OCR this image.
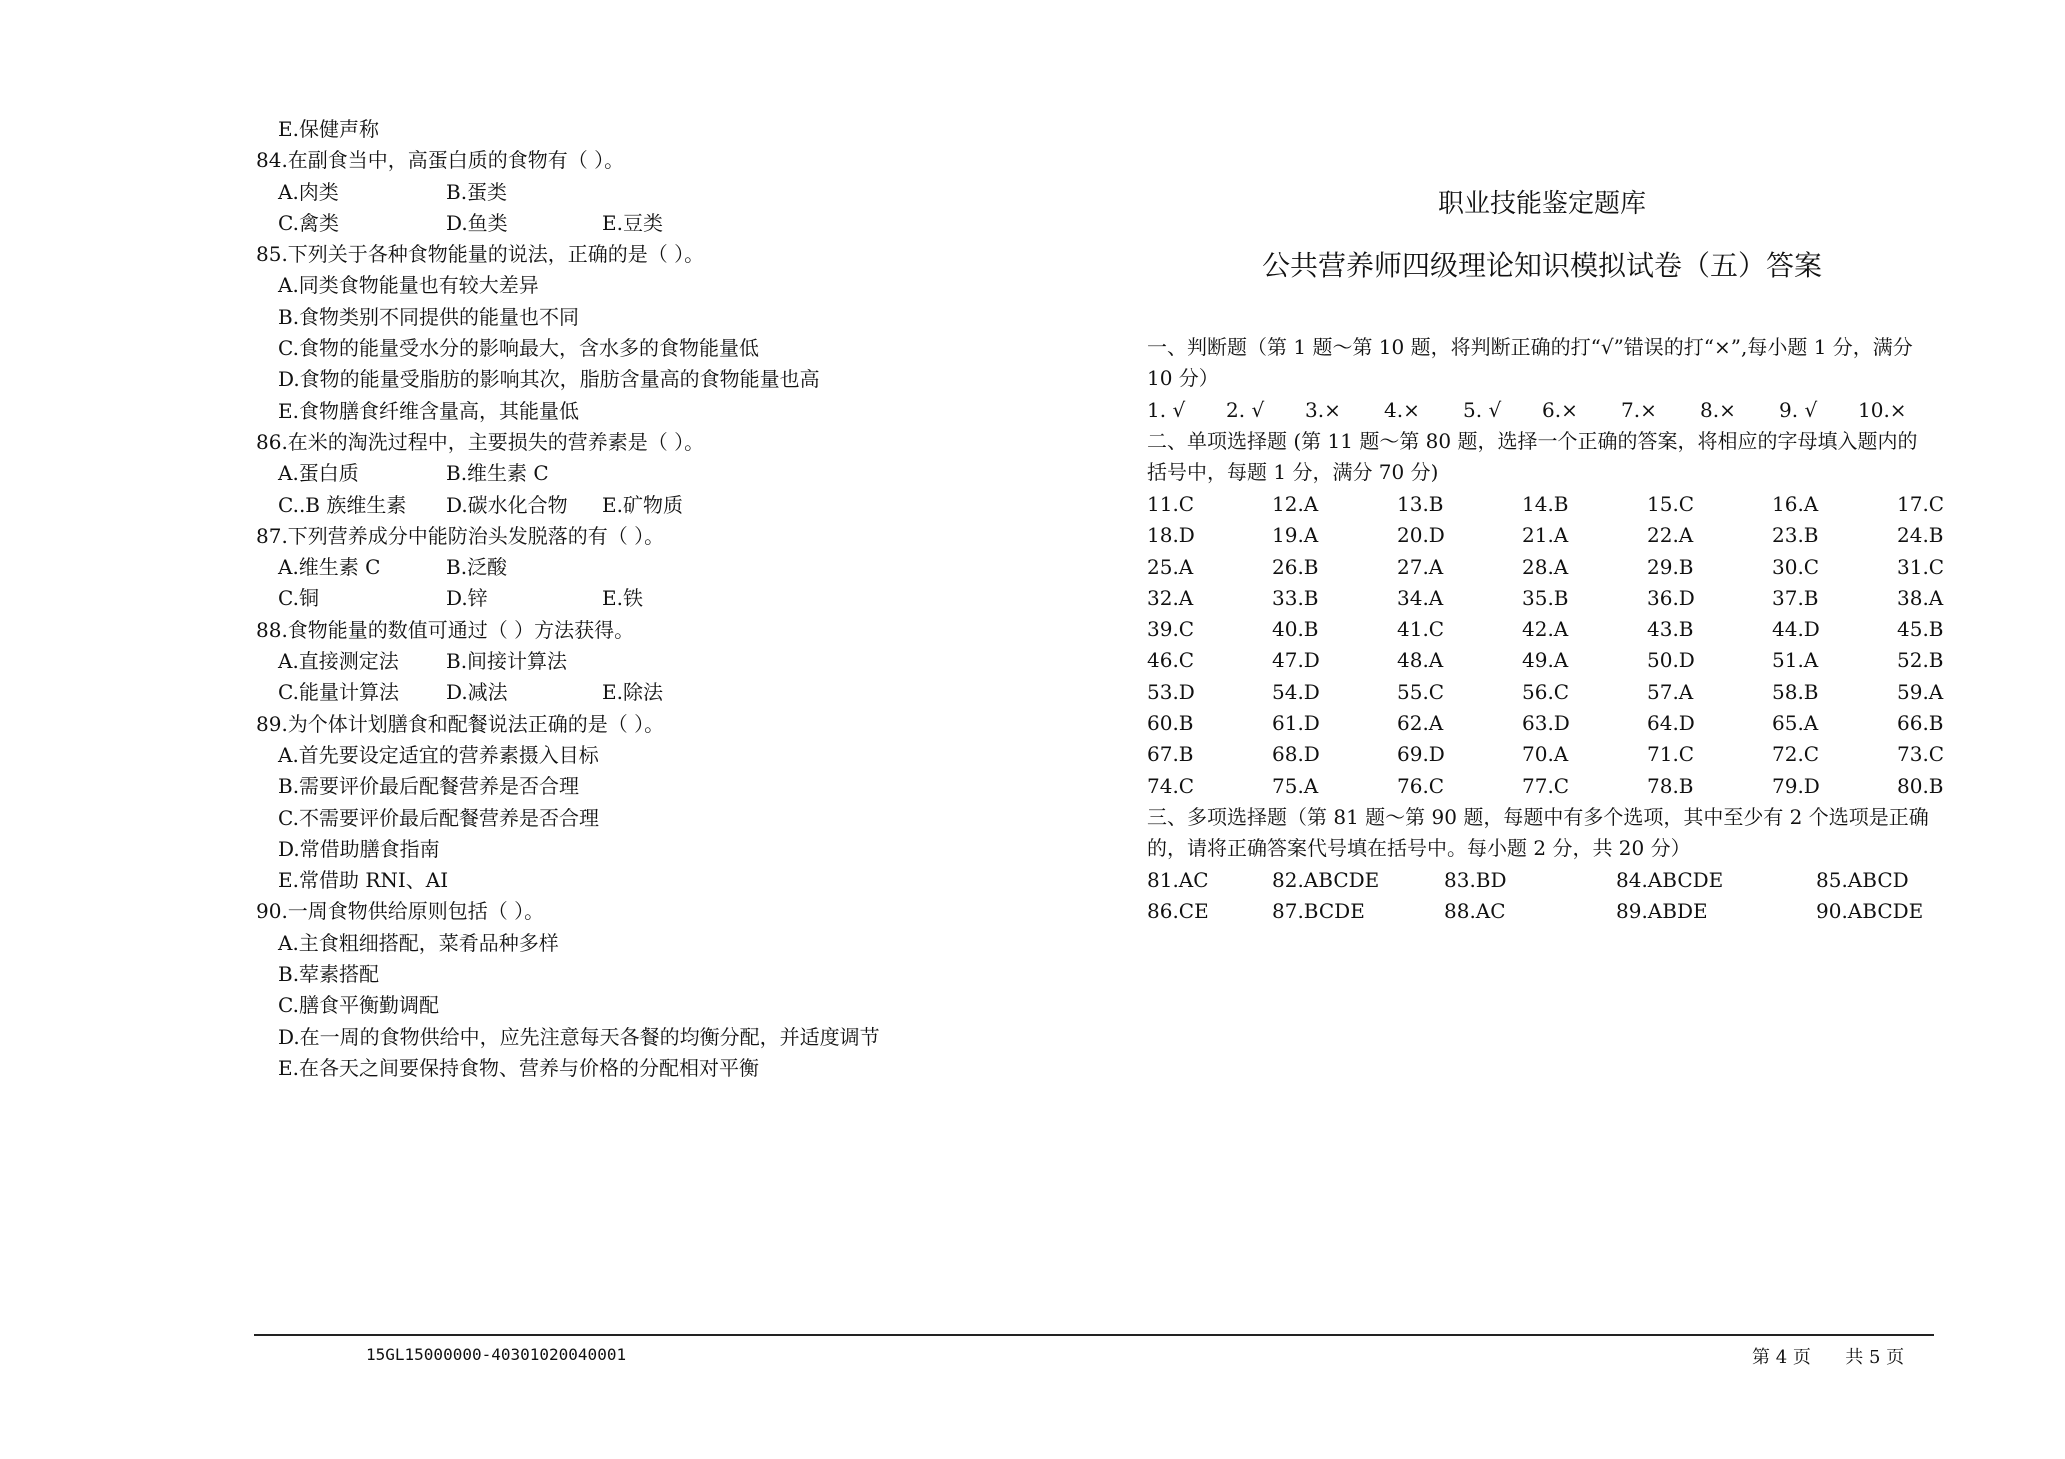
E.保健声称
84.在副食当中，高蛋白质的食物有（ ）。
A.肉类	B.蛋类
C.禽类	D.鱼类	E.豆类
85.下列关于各种食物能量的说法，正确的是（ ）。
A.同类食物能量也有较大差异
B.食物类别不同提供的能量也不同
C.食物的能量受水分的影响最大，含水多的食物能量低
D.食物的能量受脂肪的影响其次，脂肪含量高的食物能量也高
E.食物膳食纤维含量高，其能量低
86.在米的淘洗过程中，主要损失的营养素是（ ）。
A.蛋白质	B.维生素 C
C..B 族维生素	D.碳水化合物	E.矿物质
87.下列营养成分中能防治头发脱落的有（ ）。
A.维生素 C	B.泛酸
C.铜	D.锌	E.铁
88.食物能量的数值可通过（ ）方法获得。
A.直接测定法	B.间接计算法
C.能量计算法	D.减法	E.除法
89.为个体计划膳食和配餐说法正确的是（ ）。
A.首先要设定适宜的营养素摄入目标
B.需要评价最后配餐营养是否合理
C.不需要评价最后配餐营养是否合理
D.常借助膳食指南
E.常借助 RNI、AI
90.一周食物供给原则包括（ ）。
A.主食粗细搭配，菜肴品种多样
B.荤素搭配
C.膳食平衡勤调配
D.在一周的食物供给中，应先注意每天各餐的均衡分配，并适度调节
E.在各天之间要保持食物、营养与价格的分配相对平衡
职业技能鉴定题库
公共营养师四级理论知识模拟试卷（五）答案
一、判断题（第 1 题～第 10 题，将判断正确的打“√”错误的打“×”,每小题 1 分，满分 10 分）
1. √	2. √	3.×	4.×	5. √	6.×	7.×	8.×	9. √	10.×
二、单项选择题 (第 11 题～第 80 题，选择一个正确的答案，将相应的字母填入题内的括号中，每题 1 分，满分 70 分)
11.C	12.A	13.B	14.B	15.C	16.A	17.C
18.D	19.A	20.D	21.A	22.A	23.B	24.B
25.A	26.B	27.A	28.A	29.B	30.C	31.C
32.A	33.B	34.A	35.B	36.D	37.B	38.A
39.C	40.B	41.C	42.A	43.B	44.D	45.B
46.C	47.D	48.A	49.A	50.D	51.A	52.B
53.D	54.D	55.C	56.C	57.A	58.B	59.A
60.B	61.D	62.A	63.D	64.D	65.A	66.B
67.B	68.D	69.D	70.A	71.C	72.C	73.C
74.C	75.A	76.C	77.C	78.B	79.D	80.B
三、多项选择题（第 81 题～第 90 题，每题中有多个选项，其中至少有 2 个选项是正确的，请将正确答案代号填在括号中。每小题 2 分，共 20 分）
81.AC	82.ABCDE	83.BD	84.ABCDE	85.ABCD
86.CE	87.BCDE	88.AC	89.ABDE	90.ABCDE
15GL15000000-40301020040001	第 4 页      共 5 页
